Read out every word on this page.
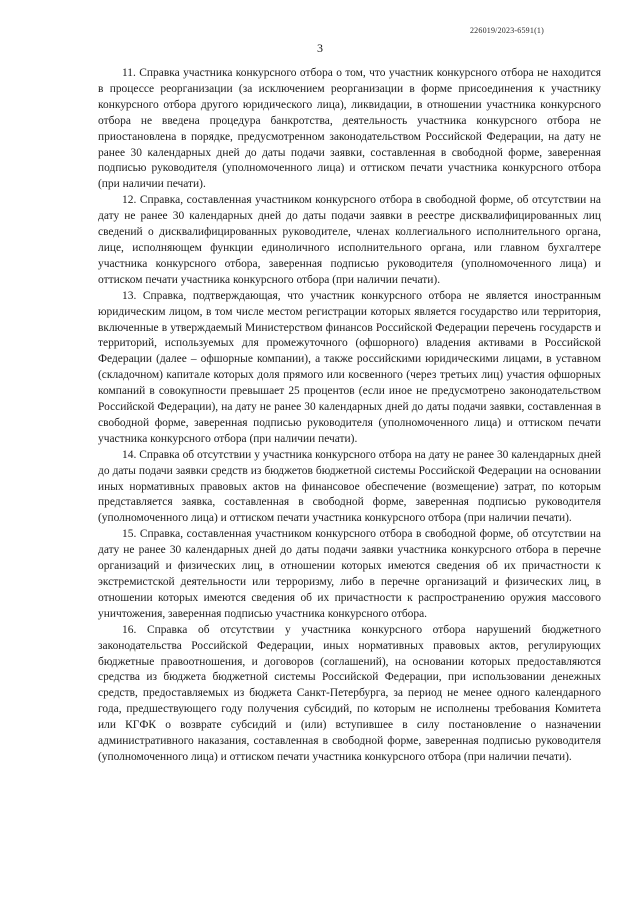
226019/2023-6591(1)
3

11. Справка участника конкурсного отбора о том, что участник конкурсного отбора не находится в процессе реорганизации (за исключением реорганизации в форме присоединения к участнику конкурсного отбора другого юридического лица), ликвидации, в отношении участника конкурсного отбора не введена процедура банкротства, деятельность участника конкурсного отбора не приостановлена в порядке, предусмотренном законодательством Российской Федерации, на дату не ранее 30 календарных дней до даты подачи заявки, составленная в свободной форме, заверенная подписью руководителя (уполномоченного лица) и оттиском печати участника конкурсного отбора (при наличии печати).

12. Справка, составленная участником конкурсного отбора в свободной форме, об отсутствии на дату не ранее 30 календарных дней до даты подачи заявки в реестре дисквалифицированных лиц сведений о дисквалифицированных руководителе, членах коллегиального исполнительного органа, лице, исполняющем функции единоличного исполнительного органа, или главном бухгалтере участника конкурсного отбора, заверенная подписью руководителя (уполномоченного лица) и оттиском печати участника конкурсного отбора (при наличии печати).

13. Справка, подтверждающая, что участник конкурсного отбора не является иностранным юридическим лицом, в том числе местом регистрации которых является государство или территория, включенные в утверждаемый Министерством финансов Российской Федерации перечень государств и территорий, используемых для промежуточного (офшорного) владения активами в Российской Федерации (далее – офшорные компании), а также российскими юридическими лицами, в уставном (складочном) капитале которых доля прямого или косвенного (через третьих лиц) участия офшорных компаний в совокупности превышает 25 процентов (если иное не предусмотрено законодательством Российской Федерации), на дату не ранее 30 календарных дней до даты подачи заявки, составленная в свободной форме, заверенная подписью руководителя (уполномоченного лица) и оттиском печати участника конкурсного отбора (при наличии печати).

14. Справка об отсутствии у участника конкурсного отбора на дату не ранее 30 календарных дней до даты подачи заявки средств из бюджетов бюджетной системы Российской Федерации на основании иных нормативных правовых актов на финансовое обеспечение (возмещение) затрат, по которым представляется заявка, составленная в свободной форме, заверенная подписью руководителя (уполномоченного лица) и оттиском печати участника конкурсного отбора (при наличии печати).

15. Справка, составленная участником конкурсного отбора в свободной форме, об отсутствии на дату не ранее 30 календарных дней до даты подачи заявки участника конкурсного отбора в перечне организаций и физических лиц, в отношении которых имеются сведения об их причастности к экстремистской деятельности или терроризму, либо в перечне организаций и физических лиц, в отношении которых имеются сведения об их причастности к распространению оружия массового уничтожения, заверенная подписью участника конкурсного отбора.

16. Справка об отсутствии у участника конкурсного отбора нарушений бюджетного законодательства Российской Федерации, иных нормативных правовых актов, регулирующих бюджетные правоотношения, и договоров (соглашений), на основании которых предоставляются средства из бюджета бюджетной системы Российской Федерации, при использовании денежных средств, предоставляемых из бюджета Санкт-Петербурга, за период не менее одного календарного года, предшествующего году получения субсидий, по которым не исполнены требования Комитета или КГФК о возврате субсидий и (или) вступившее в силу постановление о назначении административного наказания, составленная в свободной форме, заверенная подписью руководителя (уполномоченного лица) и оттиском печати участника конкурсного отбора (при наличии печати).
